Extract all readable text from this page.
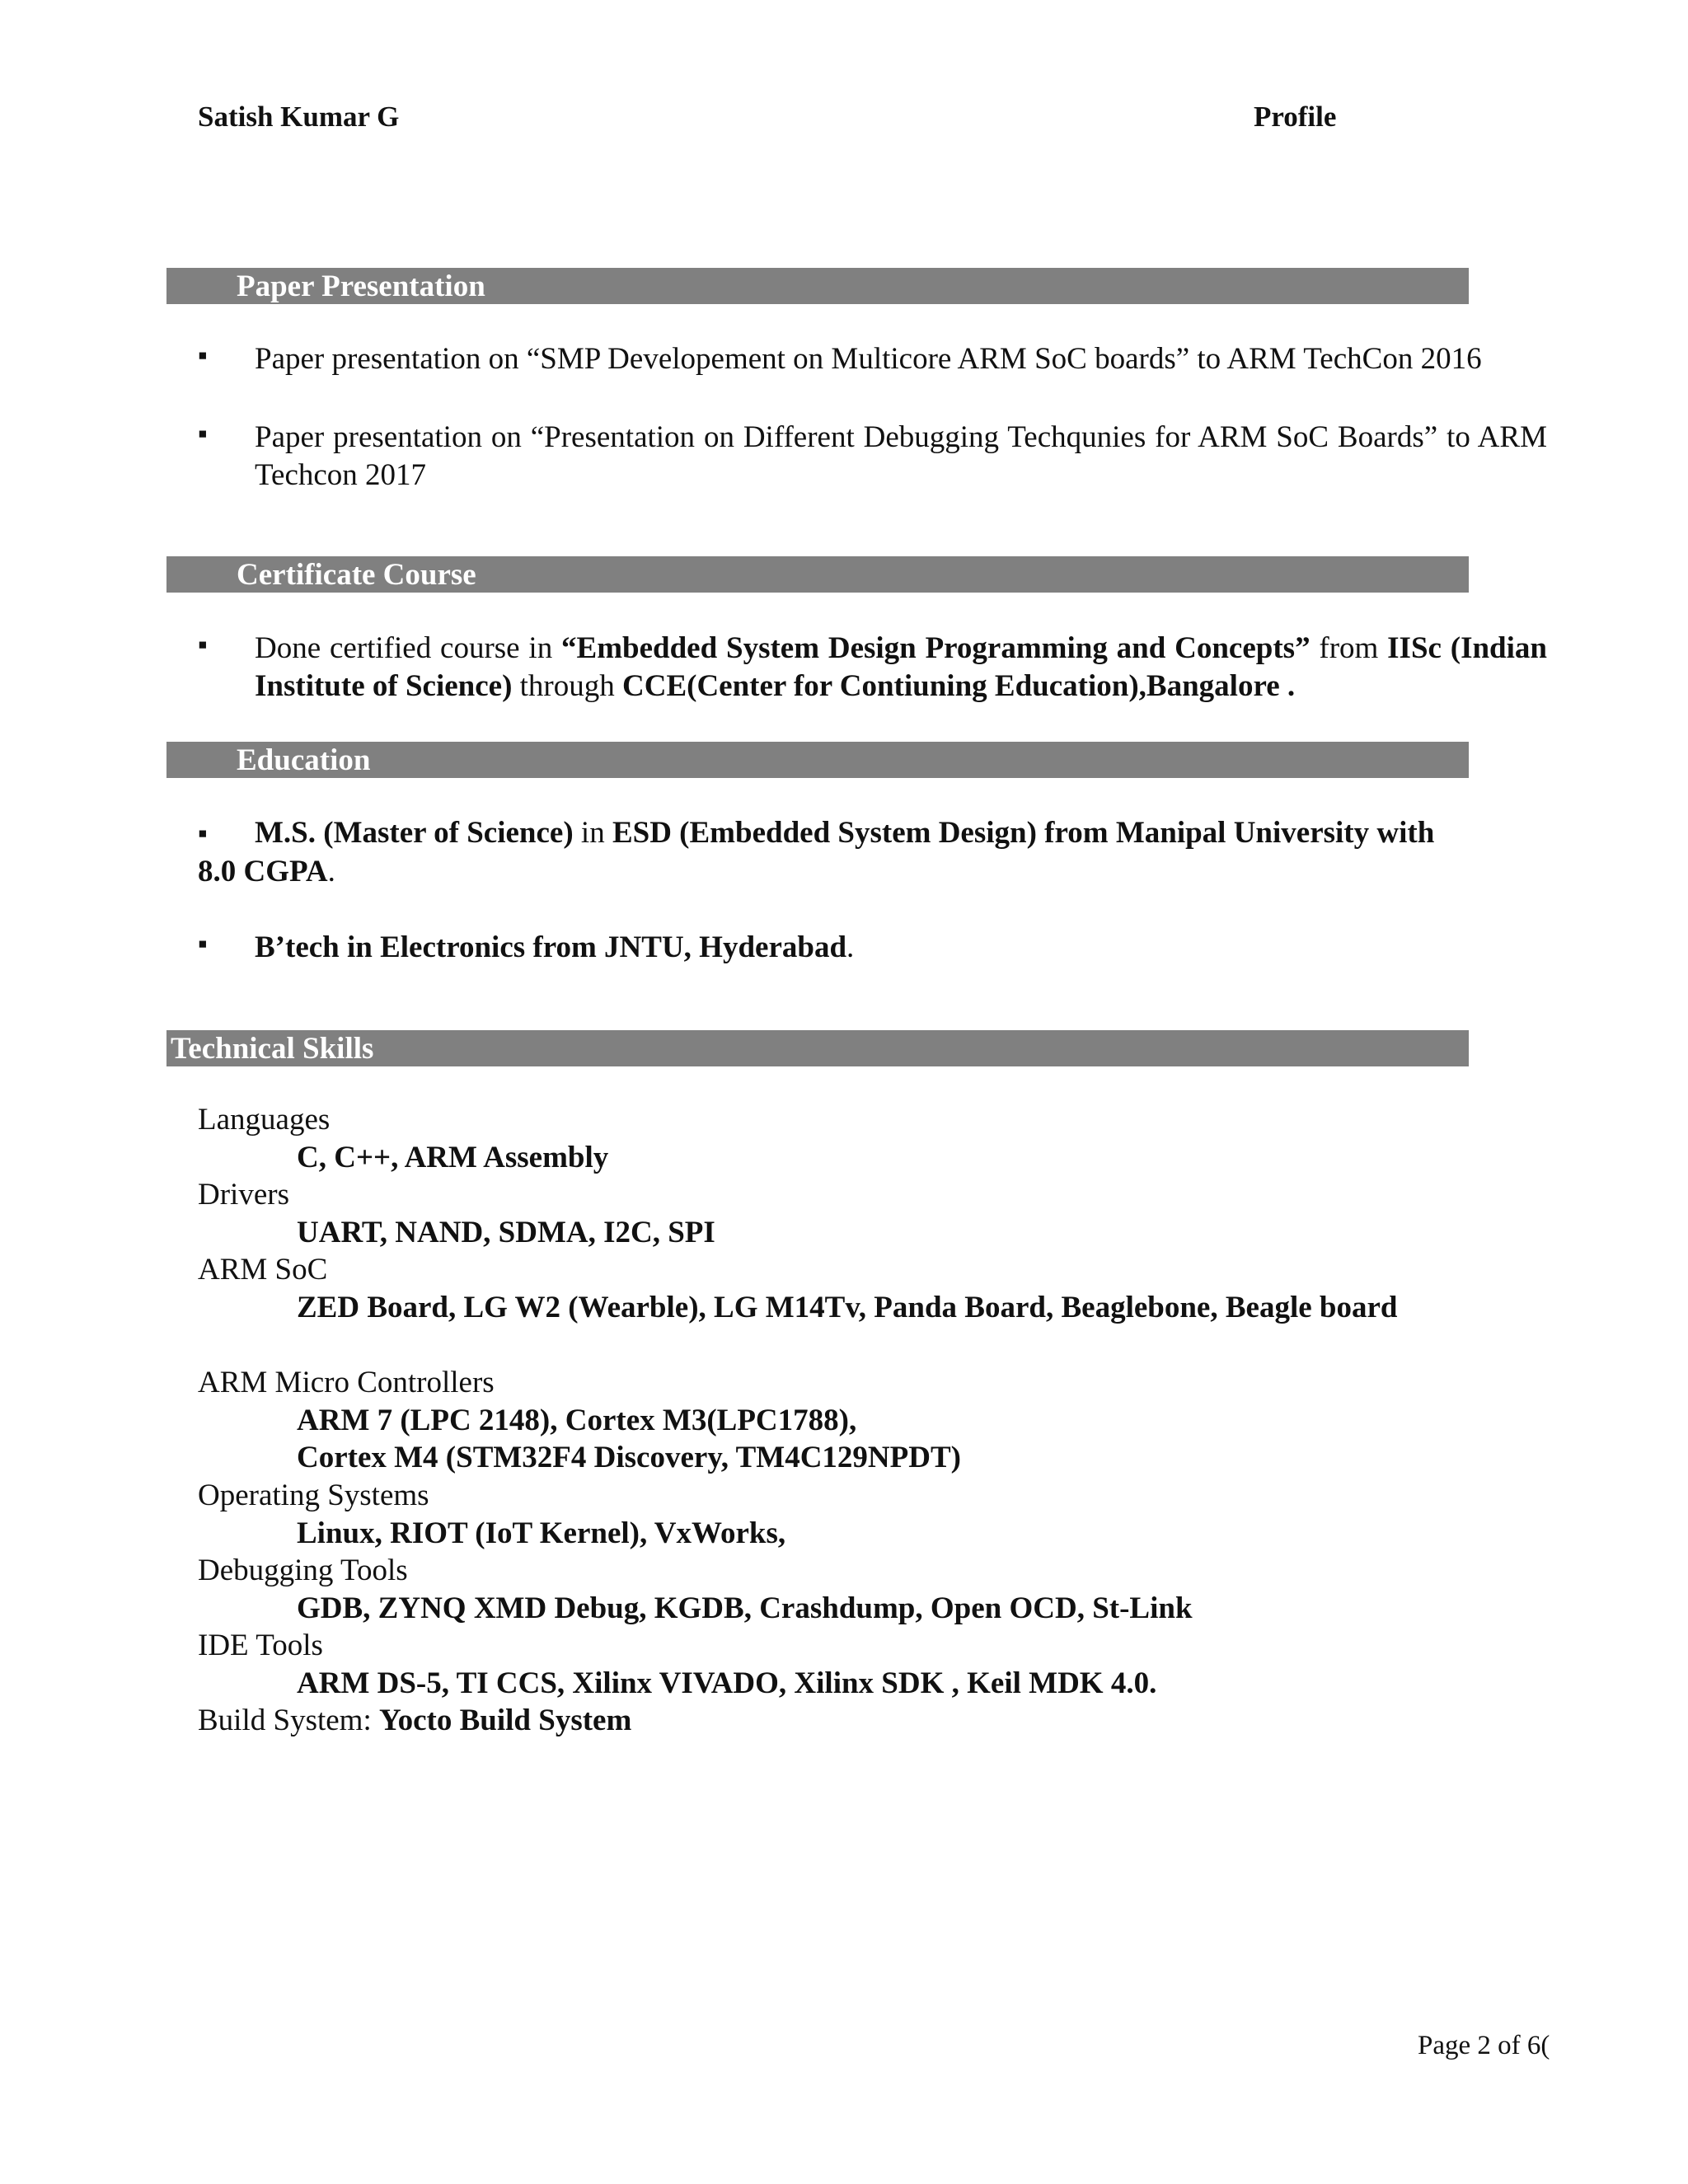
Satish Kumar G	Profile
Paper Presentation
▪ Paper presentation on “SMP Developement on Multicore ARM SoC boards” to ARM TechCon 2016
▪ Paper presentation on “Presentation on Different Debugging Techqunies for ARM SoC Boards” to ARM Techcon 2017
Certificate Course
▪ Done certified course in “Embedded System Design Programming and Concepts” from IISc (Indian Institute of Science) through CCE(Center for Contiuning Education),Bangalore .
Education
▪ M.S. (Master of Science) in ESD (Embedded System Design) from Manipal University with 8.0 CGPA.
▪ B’tech in Electronics from JNTU, Hyderabad.
Technical Skills
Languages
C, C++, ARM Assembly
Drivers
UART, NAND, SDMA, I2C, SPI
ARM SoC
ZED Board, LG W2 (Wearble), LG M14Tv, Panda Board, Beaglebone, Beagle board
ARM Micro Controllers
ARM 7 (LPC 2148), Cortex M3(LPC1788),
Cortex M4 (STM32F4 Discovery, TM4C129NPDT)
Operating Systems
Linux, RIOT (IoT Kernel), VxWorks,
Debugging Tools
GDB, ZYNQ XMD Debug, KGDB, Crashdump, Open OCD, St-Link
IDE Tools
ARM DS-5, TI CCS, Xilinx VIVADO, Xilinx SDK , Keil MDK 4.0.
Build System: Yocto Build System
Page 2 of 6(
